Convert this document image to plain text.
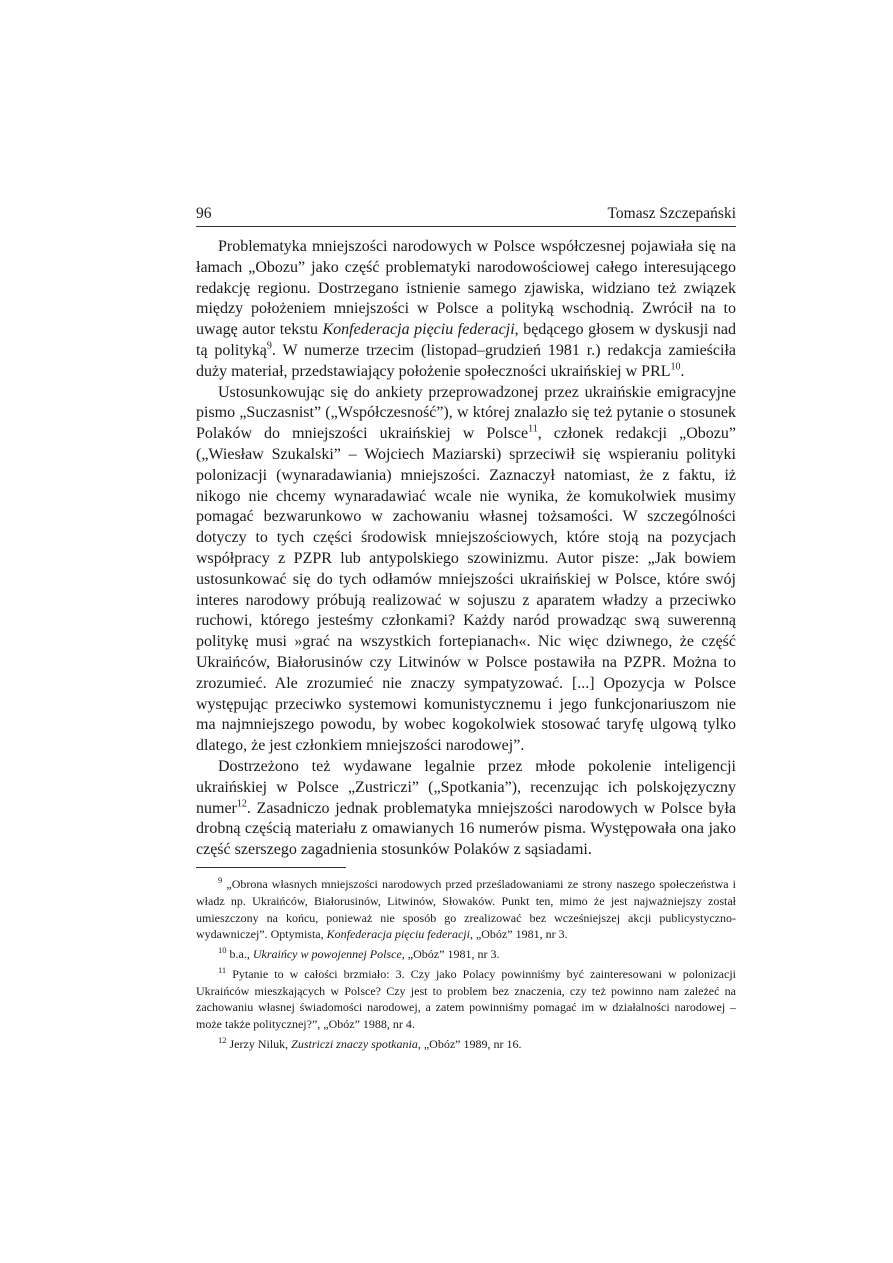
96	Tomasz Szczepański

Problematyka mniejszości narodowych w Polsce współczesnej pojawiała się na łamach „Obozu” jako część problematyki narodowościowej całego interesującego redakcję regionu. Dostrzegano istnienie samego zjawiska, widziano też związek między położeniem mniejszości w Polsce a polityką wschodnią. Zwrócił na to uwagę autor tekstu Konfederacja pięciu federacji, będącego głosem w dyskusji nad tą polityką$^9$. W numerze trzecim (listopad–grudzień 1981 r.) redakcja zamieściła duży materiał, przedstawiający położenie społeczności ukraińskiej w PRL$^{10}$.

Ustosunkowując się do ankiety przeprowadzonej przez ukraińskie emigracyjne pismo „Suczasnist” („Współczesność”), w której znalazło się też pytanie o stosunek Polaków do mniejszości ukraińskiej w Polsce$^{11}$, członek redakcji „Obozu” („Wiesław Szukalski” – Wojciech Maziarski) sprzeciwił się wspieraniu polityki polonizacji (wynaradawiania) mniejszości. Zaznaczył natomiast, że z faktu, iż nikogo nie chcemy wynaradawiać wcale nie wynika, że komukolwiek musimy pomagać bezwarunkowo w zachowaniu własnej tożsamości. W szczególności dotyczy to tych części środowisk mniejszościowych, które stoją na pozycjach współpracy z PZPR lub antypolskiego szowinizmu. Autor pisze: „Jak bowiem ustosunkować się do tych odłamów mniejszości ukraińskiej w Polsce, które swój interes narodowy próbują realizować w sojuszu z aparatem władzy a przeciwko ruchowi, którego jesteśmy członkami? Każdy naród prowadząc swą suwerenną politykę musi »grać na wszystkich fortepianach«. Nic więc dziwnego, że część Ukraińców, Białorusinów czy Litwinów w Polsce postawiła na PZPR. Można to zrozumieć. Ale zrozumieć nie znaczy sympatyzować. [...] Opozycja w Polsce występując przeciwko systemowi komunistycznemu i jego funkcjonariuszom nie ma najmniejszego powodu, by wobec kogokolwiek stosować taryfę ulgową tylko dlatego, że jest członkiem mniejszości narodowej”.

Dostrzeżono też wydawane legalnie przez młode pokolenie inteligencji ukraińskiej w Polsce „Zustriczi” („Spotkania”), recenzując ich polskojęzyczny numer$^{12}$. Zasadniczo jednak problematyka mniejszości narodowych w Polsce była drobną częścią materiału z omawianych 16 numerów pisma. Występowała ona jako część szerszego zagadnienia stosunków Polaków z sąsiadami.

$^9$ „Obrona własnych mniejszości narodowych przed prześladowaniami ze strony naszego społeczeństwa i władz np. Ukraińców, Białorusinów, Litwinów, Słowaków. Punkt ten, mimo że jest najważniejszy został umieszczony na końcu, ponieważ nie sposób go zrealizować bez wcześniejszej akcji publicystyczno-wydawniczej”. Optymista, Konfederacja pięciu federacji, „Obóz” 1981, nr 3.

$^{10}$ b.a., Ukraińcy w powojennej Polsce, „Obóz” 1981, nr 3.

$^{11}$ Pytanie to w całości brzmiało: 3. Czy jako Polacy powinniśmy być zainteresowani w polonizacji Ukraińców mieszkających w Polsce? Czy jest to problem bez znaczenia, czy też powinno nam zależeć na zachowaniu własnej świadomości narodowej, a zatem powinniśmy pomagać im w działalności narodowej – może także politycznej?”, „Obóz” 1988, nr 4.

$^{12}$ Jerzy Niluk, Zustriczi znaczy spotkania, „Obóz” 1989, nr 16.
